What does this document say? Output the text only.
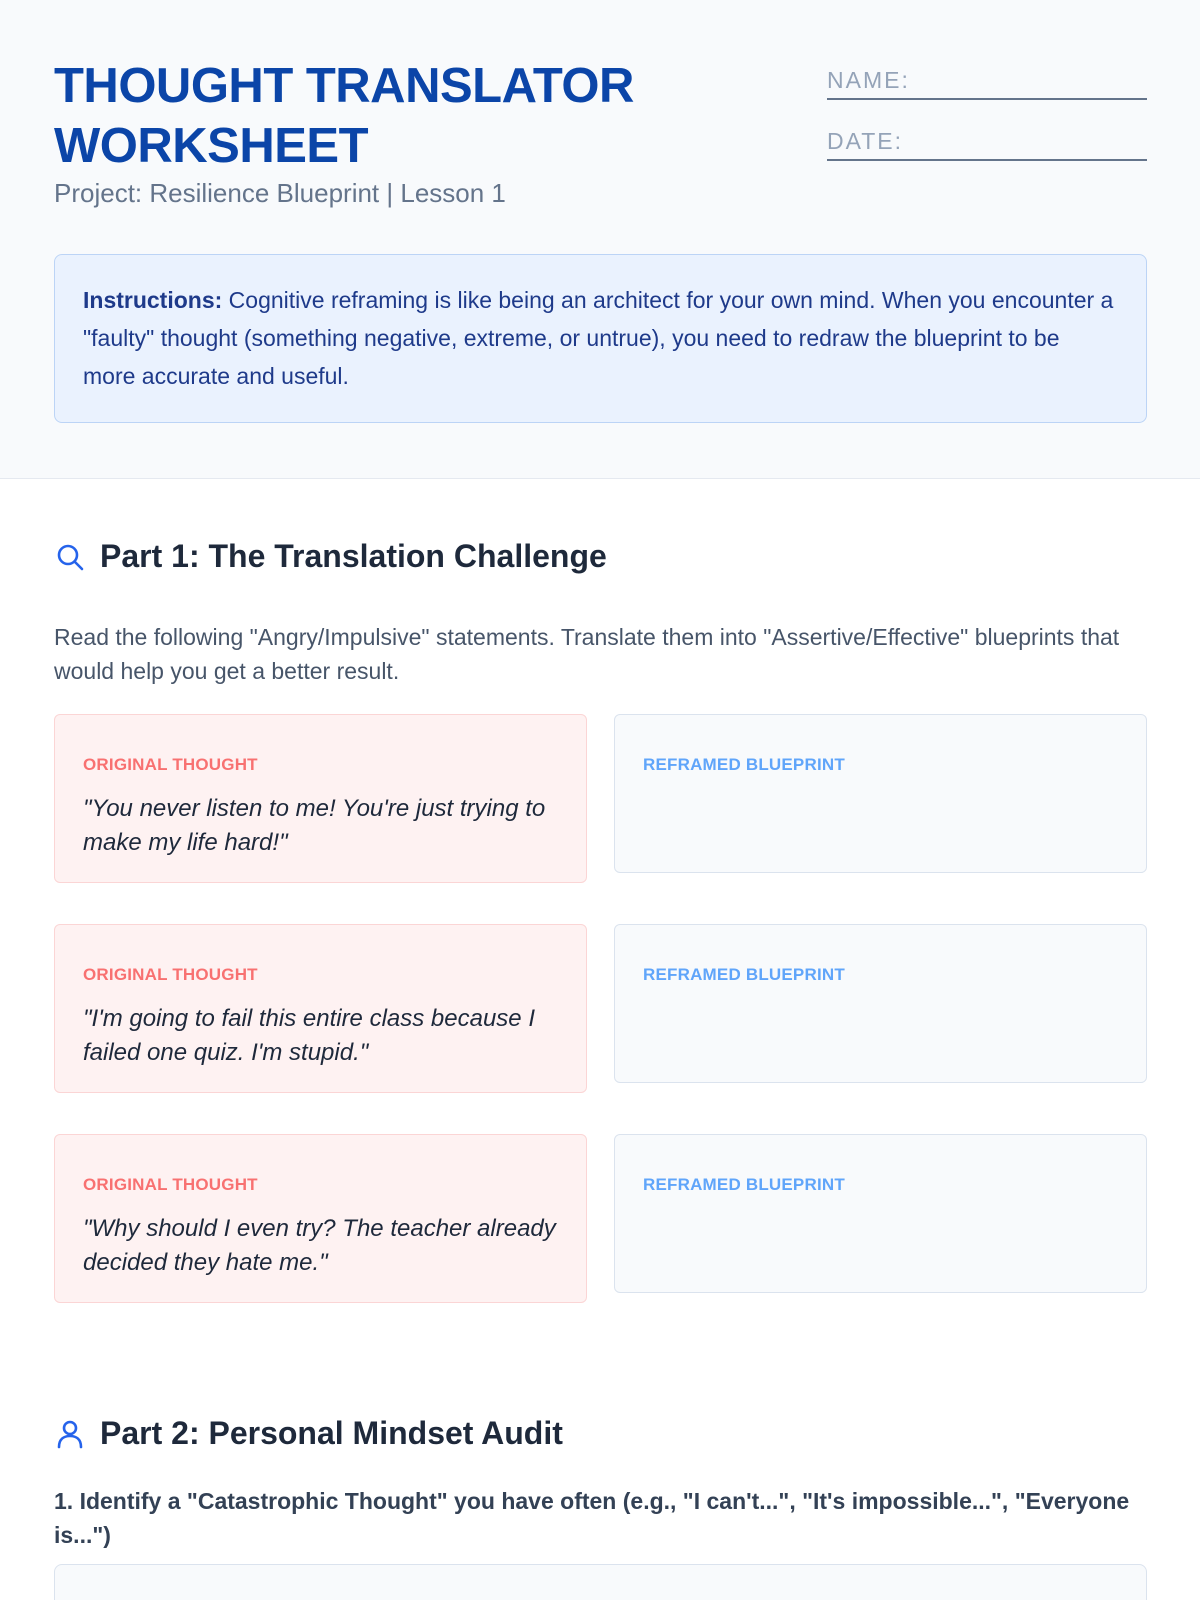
THOUGHT TRANSLATOR WORKSHEET
Project: Resilience Blueprint | Lesson 1
NAME:
DATE:
Instructions: Cognitive reframing is like being an architect for your own mind. When you encounter a "faulty" thought (something negative, extreme, or untrue), you need to redraw the blueprint to be more accurate and useful.
Part 1: The Translation Challenge

Read the following "Angry/Impulsive" statements. Translate them into "Assertive/Effective" blueprints that would help you get a better result.

ORIGINAL THOUGHT
"You never listen to me! You're just trying to make my life hard!"
REFRAMED BLUEPRINT
ORIGINAL THOUGHT
"I'm going to fail this entire class because I failed one quiz. I'm stupid."
REFRAMED BLUEPRINT
ORIGINAL THOUGHT
"Why should I even try? The teacher already decided they hate me."
REFRAMED BLUEPRINT
Part 2: Personal Mindset Audit

1. Identify a "Catastrophic Thought" you have often (e.g., "I can't...", "It's impossible...", "Everyone is...")
